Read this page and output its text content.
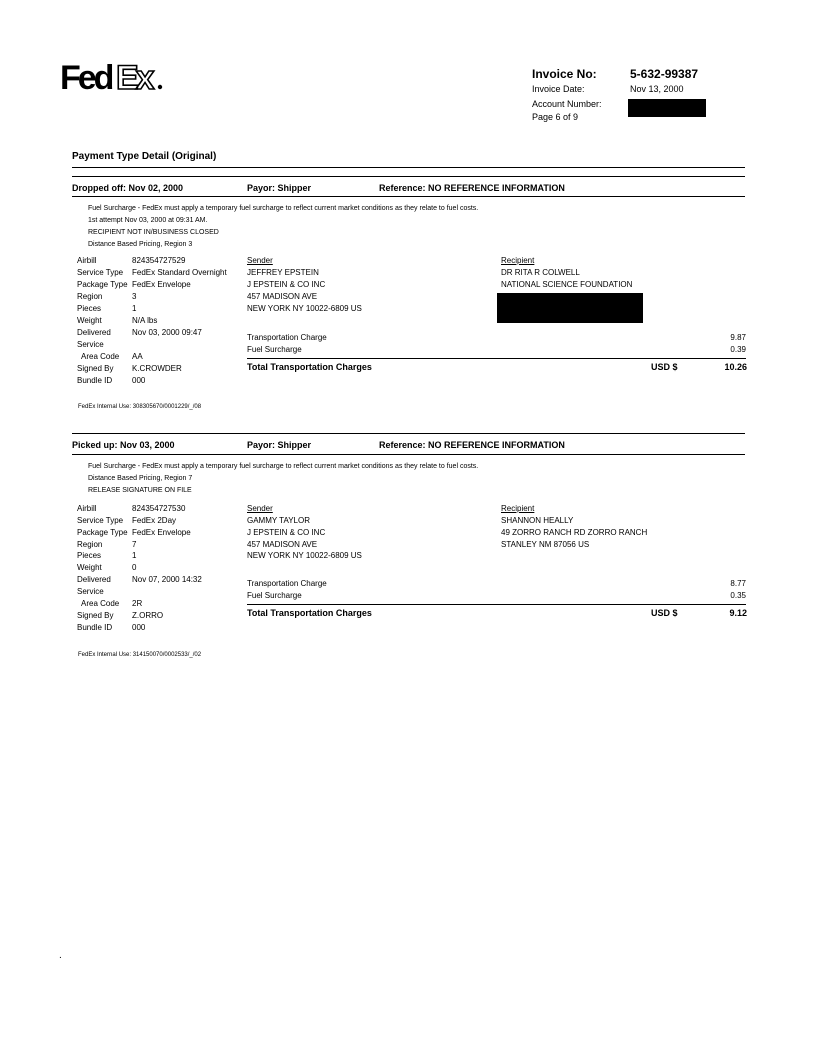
Fed Ex	Invoice No:	5-632-99387
Invoice Date:	Nov 13, 2000
Account Number:
Page 6 of 9
Payment Type Detail (Original)
Dropped off: Nov 02, 2000	Payor: Shipper	Reference: NO REFERENCE INFORMATION
Fuel Surcharge - FedEx must apply a temporary fuel surcharge to reflect current market conditions as they relate to fuel costs.
1st attempt Nov 03, 2000 at 09:31 AM.
RECIPIENT NOT IN/BUSINESS CLOSED
Distance Based Pricing, Region 3
Airbill	824354727529
Service Type FedEx Standard Overnight
Package Type FedEx Envelope
Region	3
Pieces	1
Weight	N/A lbs
Delivered	Nov 03, 2000 09:47
Service
Area Code AA
Signed By K.CROWDER
Bundle ID 000
Sender
JEFFREY EPSTEIN
J EPSTEIN & CO INC
457 MADISON AVE
NEW YORK NY 10022-6809 US
Recipient
DR RITA R COLWELL
NATIONAL SCIENCE FOUNDATION
Transportation Charge	9.87
Fuel Surcharge	0.39
Total Transportation Charges	USD $	10.26
FedEx Internal Use: 308305670/0001229/_/08
Picked up: Nov 03, 2000	Payor: Shipper	Reference: NO REFERENCE INFORMATION
Fuel Surcharge - FedEx must apply a temporary fuel surcharge to reflect current market conditions as they relate to fuel costs.
Distance Based Pricing, Region 7
RELEASE SIGNATURE ON FILE
Airbill	824354727530
Service Type FedEx 2Day
Package Type FedEx Envelope
Region	7
Pieces	1
Weight	0
Delivered	Nov 07, 2000 14:32
Service
Area Code 2R
Signed By Z.ORRO
Bundle ID 000
Sender
GAMMY TAYLOR
J EPSTEIN & CO INC
457 MADISON AVE
NEW YORK NY 10022-6809 US
Recipient
SHANNON HEALLY
49 ZORRO RANCH RD ZORRO RANCH
STANLEY NM 87056 US
Transportation Charge	8.77
Fuel Surcharge	0.35
Total Transportation Charges	USD $	9.12
FedEx Internal Use: 314150070/0002533/_/02
.
